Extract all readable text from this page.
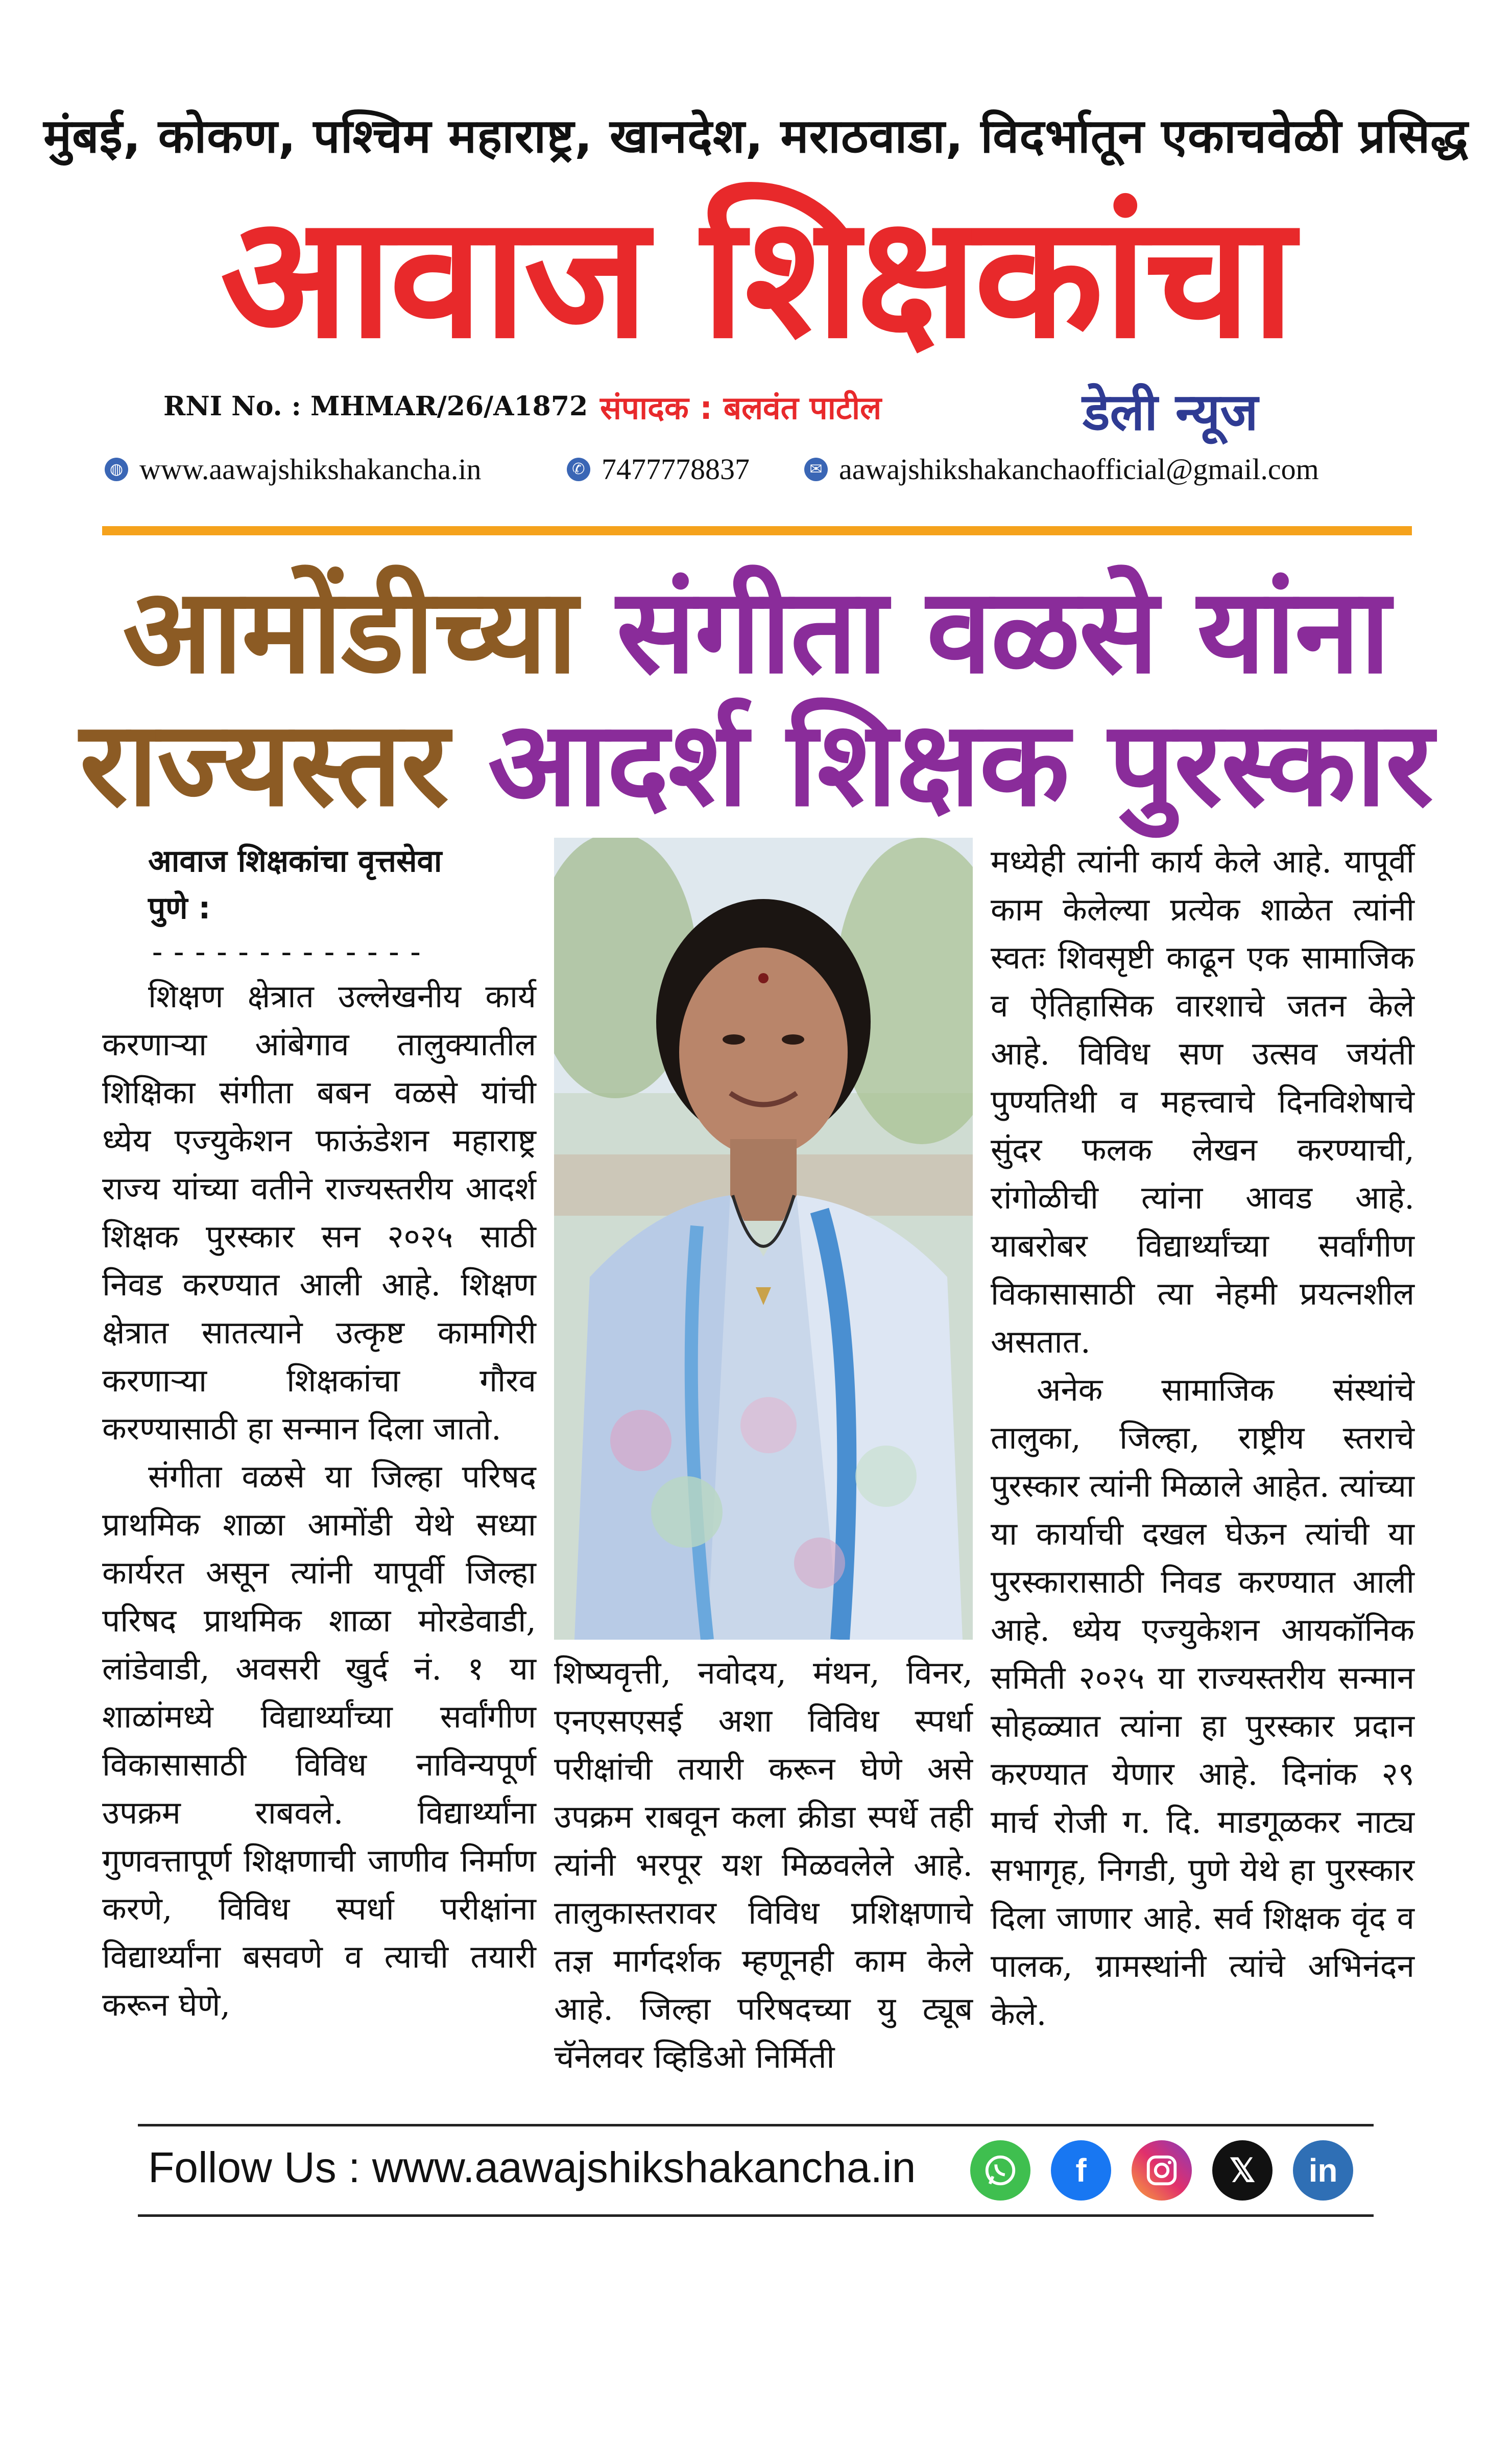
मुंबई, कोकण, पश्चिम महाराष्ट्र, खानदेश, मराठवाडा, विदर्भातून एकाचवेळी प्रसिद्ध
आवाज शिक्षकांचा
RNI No. : MHMAR/26/A1872 संपादक : बलवंत पाटील	डेली न्यूज
◍ www.aawajshikshakancha.in	✆ 7477778837	✉ aawajshikshakanchaofficial@gmail.com
आमोंडीच्या संगीता वळसे यांना
राज्यस्तर आदर्श शिक्षक पुरस्कार

आवाज शिक्षकांचा वृत्तसेवा

पुणे :

-------------

शिक्षण क्षेत्रात उल्लेखनीय कार्य करणाऱ्या आंबेगाव तालुक्यातील शिक्षिका संगीता बबन वळसे यांची ध्येय एज्युकेशन फाऊंडेशन महाराष्ट्र राज्य यांच्या वतीने राज्यस्तरीय आदर्श शिक्षक पुरस्कार सन २०२५ साठी निवड करण्यात आली आहे. शिक्षण क्षेत्रात सातत्याने उत्कृष्ट कामगिरी करणाऱ्या शिक्षकांचा गौरव करण्यासाठी हा सन्मान दिला जातो.

संगीता वळसे या जिल्हा परिषद प्राथमिक शाळा आमोंडी येथे सध्या कार्यरत असून त्यांनी यापूर्वी जिल्हा परिषद प्राथमिक शाळा मोरडेवाडी, लांडेवाडी, अवसरी खुर्द नं. १ या शाळांमध्ये विद्यार्थ्यांच्या सर्वांगीण विकासासाठी विविध नाविन्यपूर्ण उपक्रम राबवले. विद्यार्थ्यांना गुणवत्तापूर्ण शिक्षणाची जाणीव निर्माण करणे, विविध स्पर्धा परीक्षांना विद्यार्थ्यांना बसवणे व त्याची तयारी करून घेणे,

शिष्यवृत्ती, नवोदय, मंथन, विनर, एनएसएसई अशा विविध स्पर्धा परीक्षांची तयारी करून घेणे असे उपक्रम राबवून कला क्रीडा स्पर्धे तही त्यांनी भरपूर यश मिळवलेले आहे. तालुकास्तरावर विविध प्रशिक्षणाचे तज्ञ मार्गदर्शक म्हणूनही काम केले आहे. जिल्हा परिषदच्या यु ट्यूब चॅनेलवर व्हिडिओ निर्मिती

मध्येही त्यांनी कार्य केले आहे. यापूर्वी काम केलेल्या प्रत्येक शाळेत त्यांनी स्वतः शिवसृष्टी काढून एक सामाजिक व ऐतिहासिक वारशाचे जतन केले आहे. विविध सण उत्सव जयंती पुण्यतिथी व महत्त्वाचे दिनविशेषाचे सुंदर फलक लेखन करण्याची, रांगोळीची त्यांना आवड आहे. याबरोबर विद्यार्थ्यांच्या सर्वांगीण विकासासाठी त्या नेहमी प्रयत्नशील असतात.

अनेक सामाजिक संस्थांचे तालुका, जिल्हा, राष्ट्रीय स्तराचे पुरस्कार त्यांनी मिळाले आहेत. त्यांच्या या कार्याची दखल घेऊन त्यांची या पुरस्कारासाठी निवड करण्यात आली आहे. ध्येय एज्युकेशन आयकॉनिक समिती २०२५ या राज्यस्तरीय सन्मान सोहळ्यात त्यांना हा पुरस्कार प्रदान करण्यात येणार आहे. दिनांक २९ मार्च रोजी ग. दि. माडगूळकर नाट्य सभागृह, निगडी, पुणे येथे हा पुरस्कार दिला जाणार आहे. सर्व शिक्षक वृंद व पालक, ग्रामस्थांनी त्यांचे अभिनंदन केले.

Follow Us : www.aawajshikshakancha.in	f	𝕏 in
